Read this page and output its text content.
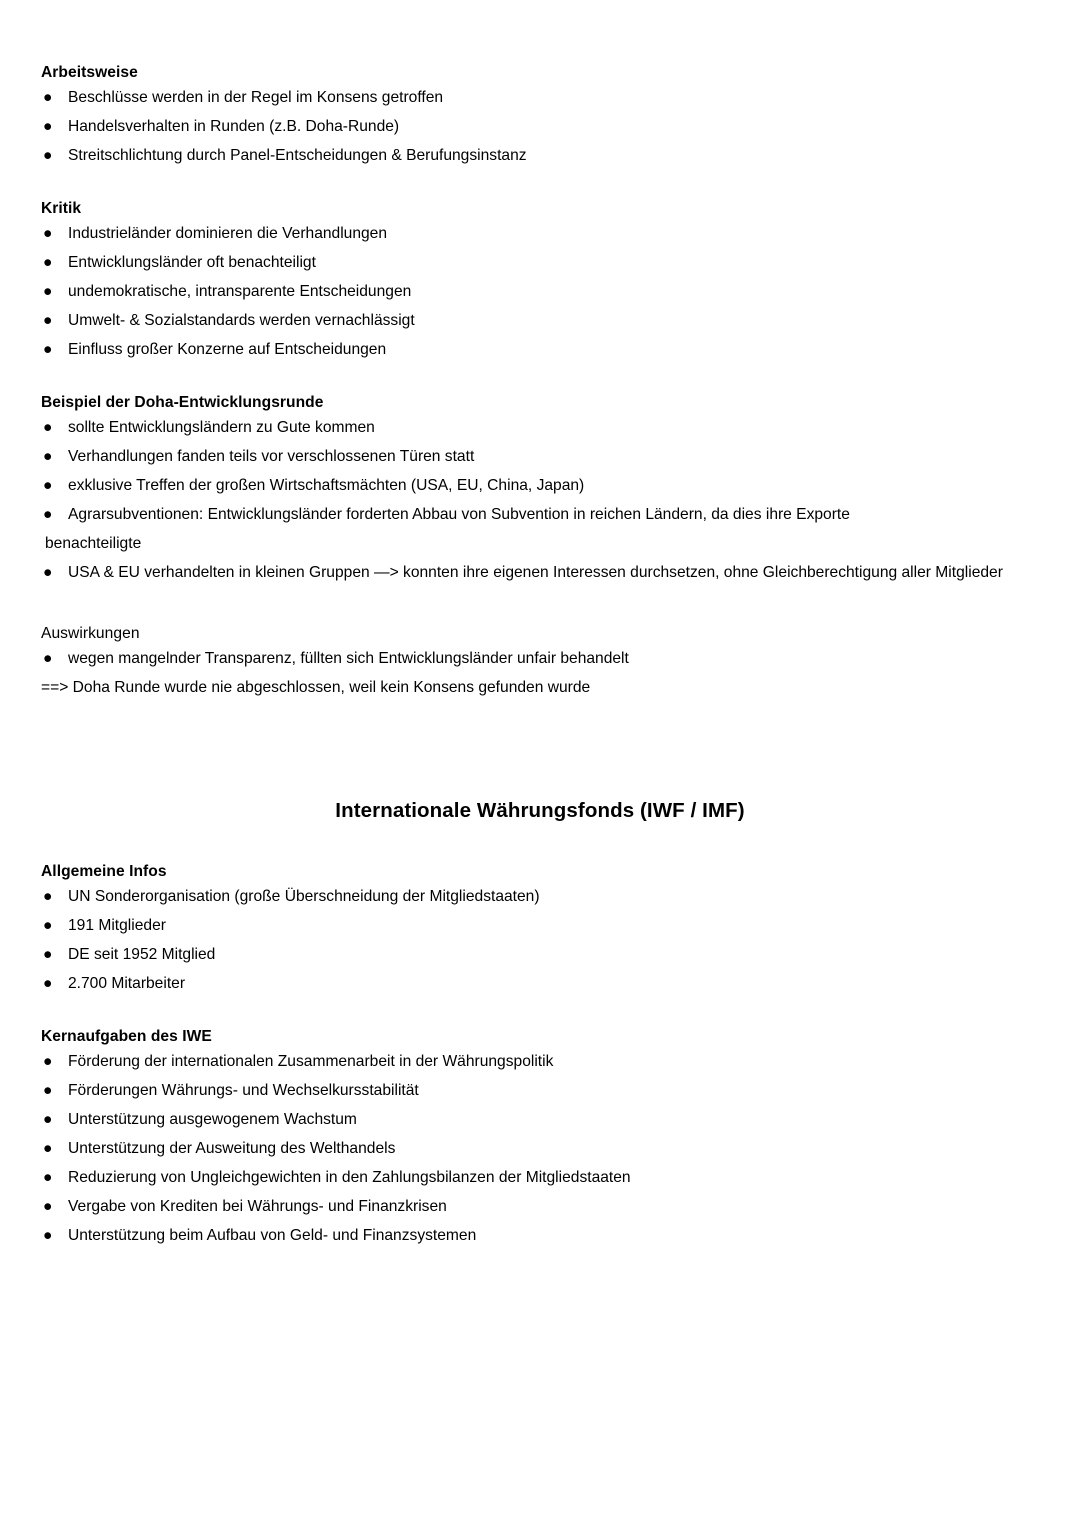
Arbeitsweise
● Beschlüsse werden in der Regel im Konsens getroffen
● Handelsverhalten in Runden (z.B. Doha-Runde)
● Streitschlichtung durch Panel-Entscheidungen & Berufungsinstanz
Kritik
● Industrieländer dominieren die Verhandlungen
● Entwicklungsländer oft benachteiligt
● undemokratische, intransparente Entscheidungen
● Umwelt- & Sozialstandards werden vernachlässigt
● Einfluss großer Konzerne auf Entscheidungen
Beispiel der Doha-Entwicklungsrunde
● sollte Entwicklungsländern zu Gute kommen
● Verhandlungen fanden teils vor verschlossenen Türen statt
● exklusive Treffen der großen Wirtschaftsmächten (USA, EU, China, Japan)
● Agrarsubventionen: Entwicklungsländer forderten Abbau von Subvention in reichen Ländern, da dies ihre Exporte

benachteiligte

● USA & EU verhandelten in kleinen Gruppen —> konnten ihre eigenen Interessen durchsetzen, ohne Gleichberechtigung aller Mitglieder
Auswirkungen
● wegen mangelnder Transparenz, füllten sich Entwicklungsländer unfair behandelt

==> Doha Runde wurde nie abgeschlossen, weil kein Konsens gefunden wurde

Internationale Währungsfonds (IWF / IMF)
Allgemeine Infos
● UN Sonderorganisation (große Überschneidung der Mitgliedstaaten)
● 191 Mitglieder
● DE seit 1952 Mitglied
● 2.700 Mitarbeiter
Kernaufgaben des IWE
● Förderung der internationalen Zusammenarbeit in der Währungspolitik
● Förderungen Währungs- und Wechselkursstabilität
● Unterstützung ausgewogenem Wachstum
● Unterstützung der Ausweitung des Welthandels
● Reduzierung von Ungleichgewichten in den Zahlungsbilanzen der Mitgliedstaaten
● Vergabe von Krediten bei Währungs- und Finanzkrisen
● Unterstützung beim Aufbau von Geld- und Finanzsystemen
